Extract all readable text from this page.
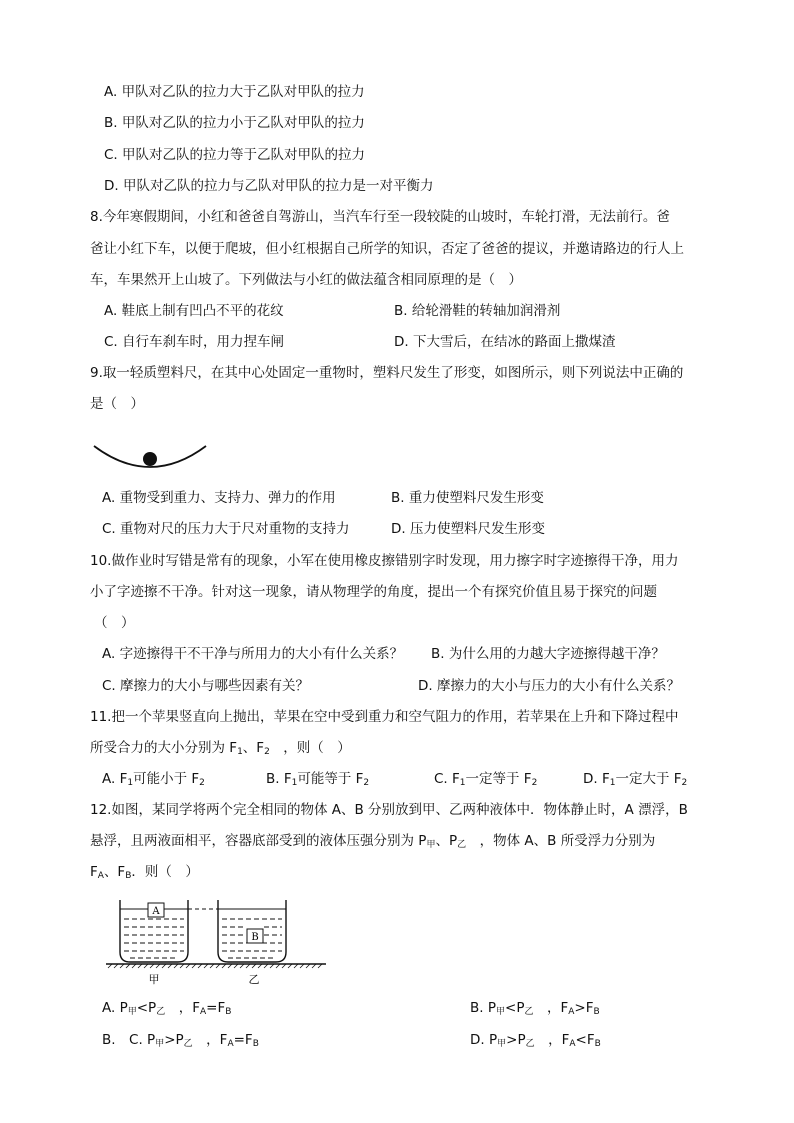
A. 甲队对乙队的拉力大于乙队对甲队的拉力
B. 甲队对乙队的拉力小于乙队对甲队的拉力
C. 甲队对乙队的拉力等于乙队对甲队的拉力
D. 甲队对乙队的拉力与乙队对甲队的拉力是一对平衡力
8.今年寒假期间，小红和爸爸自驾游山，当汽车行至一段较陡的山坡时，车轮打滑，无法前行。爸
爸让小红下车，以便于爬坡，但小红根据自己所学的知识，否定了爸爸的提议，并邀请路边的行人上
车，车果然开上山坡了。下列做法与小红的做法蕴含相同原理的是（　）
A. 鞋底上制有凹凸不平的花纹	B. 给轮滑鞋的转轴加润滑剂
C. 自行车刹车时，用力捏车闸	D. 下大雪后，在结冰的路面上撒煤渣
9.取一轻质塑料尺，在其中心处固定一重物时，塑料尺发生了形变，如图所示，则下列说法中正确的
是（　）
A. 重物受到重力、支持力、弹力的作用	B. 重力使塑料尺发生形变
C. 重物对尺的压力大于尺对重物的支持力	D. 压力使塑料尺发生形变
10.做作业时写错是常有的现象，小军在使用橡皮擦错别字时发现，用力擦字时字迹擦得干净，用力
小了字迹擦不干净。针对这一现象，请从物理学的角度，提出一个有探究价值且易于探究的问题
（　）
A. 字迹擦得干不干净与所用力的大小有什么关系？ B. 为什么用的力越大字迹擦得越干净？
C. 摩擦力的大小与哪些因素有关？	D. 摩擦力的大小与压力的大小有什么关系？
11.把一个苹果竖直向上抛出，苹果在空中受到重力和空气阻力的作用，若苹果在上升和下降过程中
所受合力的大小分别为 $F_1$、$F_2$　，则（　）
A. $F_1$可能小于 $F_2$	B. $F_1$可能等于 $F_2$	C. $F_1$一定等于 $F_2$	D. $F_1$一定大于 $F_2$
12.如图，某同学将两个完全相同的物体 A、B 分别放到甲、乙两种液体中．物体静止时，A 漂浮，B
悬浮，且两液面相平，容器底部受到的液体压强分别为 $P_甲$、$P_乙$　，物体 A、B 所受浮力分别为
$F_A$、$F_B$．则（　）
A
B
甲	乙
A. $P_甲<P_乙$　，$F_A=F_B$	B. $P_甲<P_乙$　，$F_A>F_B$
B.　C. $P_甲>P_乙$　，$F_A=F_B$	D. $P_甲>P_乙$　，$F_A<F_B$
